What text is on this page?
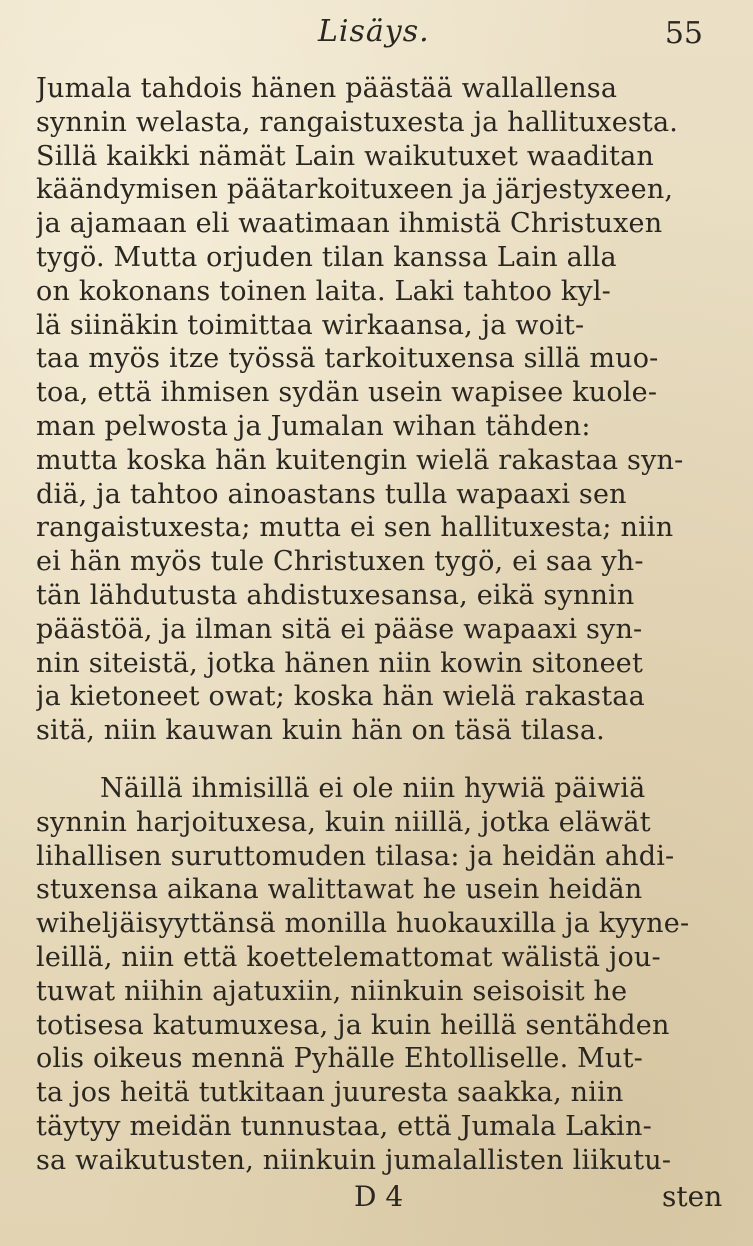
Lisäys.	55
Jumala tahdois hänen päästää wallallensa
synnin welasta, rangaistuxesta ja hallituxesta.
Sillä kaikki nämät Lain waikutuxet waaditan
käändymisen päätarkoituxeen ja järjestyxeen,
ja ajamaan eli waatimaan ihmistä Christuxen
tygö. Mutta orjuden tilan kanssa Lain alla
on kokonans toinen laita. Laki tahtoo kyl-
lä siinäkin toimittaa wirkaansa, ja woit-
taa myös itze työssä tarkoituxensa sillä muo-
toa, että ihmisen sydän usein wapisee kuole-
man pelwosta ja Jumalan wihan tähden:
mutta koska hän kuitengin wielä rakastaa syn-
diä, ja tahtoo ainoastans tulla wapaaxi sen
rangaistuxesta; mutta ei sen hallituxesta; niin
ei hän myös tule Christuxen tygö, ei saa yh-
tän lähdutusta ahdistuxesansa, eikä synnin
päästöä, ja ilman sitä ei pääse wapaaxi syn-
nin siteistä, jotka hänen niin kowin sitoneet
ja kietoneet owat; koska hän wielä rakastaa
sitä, niin kauwan kuin hän on täsä tilasa.
Näillä ihmisillä ei ole niin hywiä päiwiä
synnin harjoituxesa, kuin niillä, jotka eläwät
lihallisen suruttomuden tilasa: ja heidän ahdi-
stuxensa aikana walittawat he usein heidän
wiheljäisyyttänsä monilla huokauxilla ja kyyne-
leillä, niin että koettelemattomat wälistä jou-
tuwat niihin ajatuxiin, niinkuin seisoisit he
totisesa katumuxesa, ja kuin heillä sentähden
olis oikeus mennä Pyhälle Ehtolliselle. Mut-
ta jos heitä tutkitaan juuresta saakka, niin
täytyy meidän tunnustaa, että Jumala Lakin-
sa waikutusten, niinkuin jumalallisten liikutu-
D 4	sten
